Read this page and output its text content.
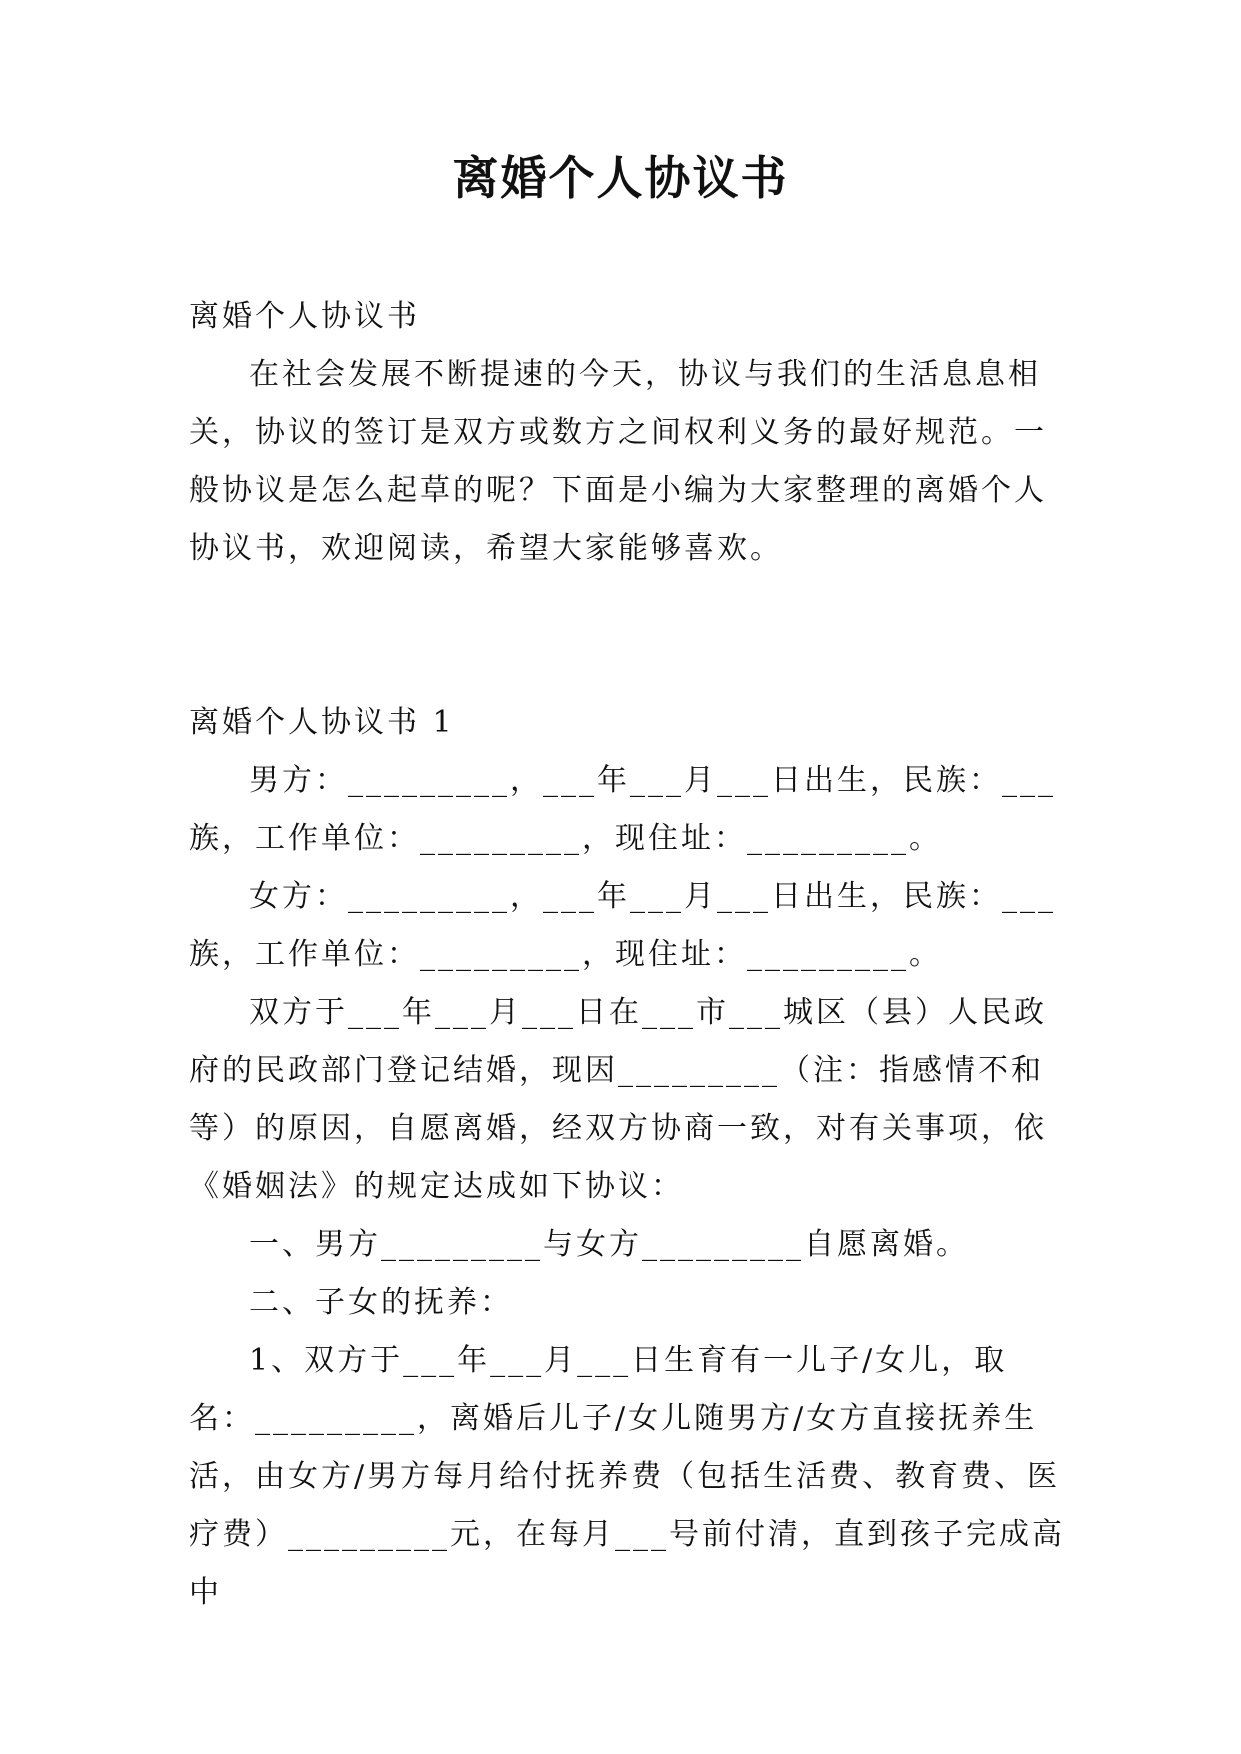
离婚个人协议书

离婚个人协议书

在社会发展不断提速的今天，协议与我们的生活息息相关，协议的签订是双方或数方之间权利义务的最好规范。一般协议是怎么起草的呢？下面是小编为大家整理的离婚个人协议书，欢迎阅读，希望大家能够喜欢。

离婚个人协议书 1

男方：_________，___年___月___日出生，民族：___族，工作单位：_________，现住址：_________。

女方：_________，___年___月___日出生，民族：___族，工作单位：_________，现住址：_________。

双方于___年___月___日在___市___城区（县）人民政府的民政部门登记结婚，现因_________（注：指感情不和等）的原因，自愿离婚，经双方协商一致，对有关事项，依《婚姻法》的规定达成如下协议：

一、男方_________与女方_________自愿离婚。

二、子女的抚养：

1、双方于___年___月___日生育有一儿子/女儿，取名：_________，离婚后儿子/女儿随男方/女方直接抚养生活，由女方/男方每月给付抚养费（包括生活费、教育费、医疗费）_________元，在每月___号前付清，直到孩子完成高中
